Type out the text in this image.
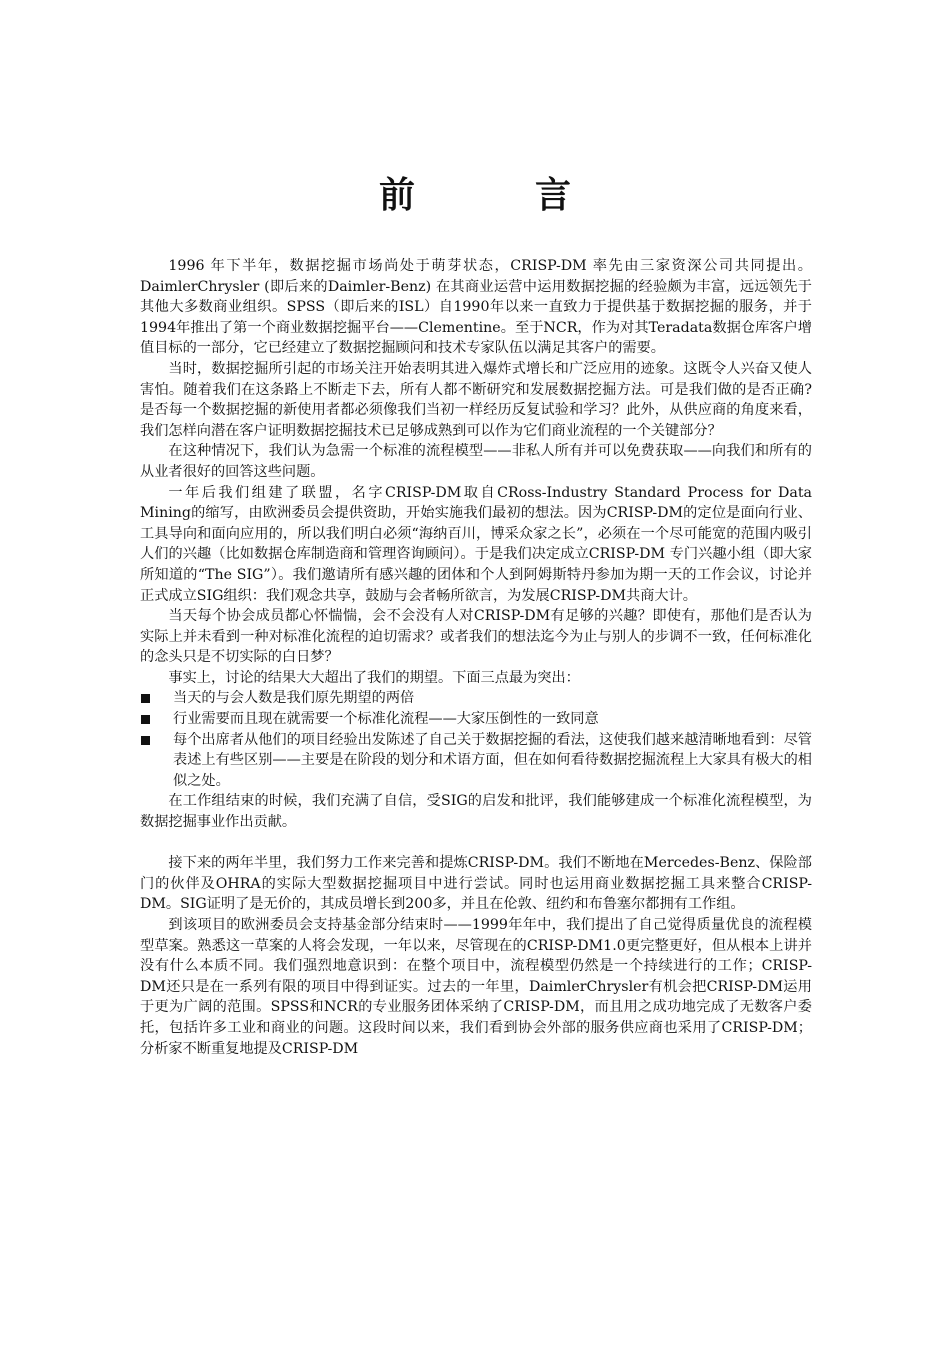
前　言

1996 年下半年，数据挖掘市场尚处于萌芽状态，CRISP-DM 率先由三家资深公司共同提出。DaimlerChrysler (即后来的Daimler-Benz) 在其商业运营中运用数据挖掘的经验颇为丰富，远远领先于其他大多数商业组织。SPSS（即后来的ISL）自1990年以来一直致力于提供基于数据挖掘的服务，并于1994年推出了第一个商业数据挖掘平台——Clementine。至于NCR，作为对其Teradata数据仓库客户增值目标的一部分，它已经建立了数据挖掘顾问和技术专家队伍以满足其客户的需要。

当时，数据挖掘所引起的市场关注开始表明其进入爆炸式增长和广泛应用的迹象。这既令人兴奋又使人害怕。随着我们在这条路上不断走下去，所有人都不断研究和发展数据挖掘方法。可是我们做的是否正确?是否每一个数据挖掘的新使用者都必须像我们当初一样经历反复试验和学习？此外，从供应商的角度来看，我们怎样向潜在客户证明数据挖掘技术已足够成熟到可以作为它们商业流程的一个关键部分？

在这种情况下，我们认为急需一个标准的流程模型——非私人所有并可以免费获取——向我们和所有的从业者很好的回答这些问题。

一年后我们组建了联盟，名字CRISP-DM取自CRoss-Industry Standard Process for Data Mining的缩写，由欧洲委员会提供资助，开始实施我们最初的想法。因为CRISP-DM的定位是面向行业、工具导向和面向应用的，所以我们明白必须“海纳百川，博采众家之长”，必须在一个尽可能宽的范围内吸引人们的兴趣（比如数据仓库制造商和管理咨询顾问）。于是我们决定成立CRISP-DM 专门兴趣小组（即大家所知道的“The SIG”）。我们邀请所有感兴趣的团体和个人到阿姆斯特丹参加为期一天的工作会议，讨论并正式成立SIG组织：我们观念共享，鼓励与会者畅所欲言，为发展CRISP-DM共商大计。

当天每个协会成员都心怀惴惴，会不会没有人对CRISP-DM有足够的兴趣？即使有，那他们是否认为实际上并未看到一种对标准化流程的迫切需求？或者我们的想法迄今为止与别人的步调不一致，任何标准化的念头只是不切实际的白日梦？

事实上，讨论的结果大大超出了我们的期望。下面三点最为突出：

当天的与会人数是我们原先期望的两倍
行业需要而且现在就需要一个标准化流程——大家压倒性的一致同意
每个出席者从他们的项目经验出发陈述了自己关于数据挖掘的看法，这使我们越来越清晰地看到：尽管表述上有些区别——主要是在阶段的划分和术语方面，但在如何看待数据挖掘流程上大家具有极大的相似之处。

在工作组结束的时候，我们充满了自信，受SIG的启发和批评，我们能够建成一个标准化流程模型，为数据挖掘事业作出贡献。

接下来的两年半里，我们努力工作来完善和提炼CRISP-DM。我们不断地在Mercedes-Benz、保险部门的伙伴及OHRA的实际大型数据挖掘项目中进行尝试。同时也运用商业数据挖掘工具来整合CRISP-DM。SIG证明了是无价的，其成员增长到200多，并且在伦敦、纽约和布鲁塞尔都拥有工作组。

到该项目的欧洲委员会支持基金部分结束时——1999年年中，我们提出了自己觉得质量优良的流程模型草案。熟悉这一草案的人将会发现，一年以来，尽管现在的CRISP-DM1.0更完整更好，但从根本上讲并没有什么本质不同。我们强烈地意识到：在整个项目中，流程模型仍然是一个持续进行的工作；CRISP-DM还只是在一系列有限的项目中得到证实。过去的一年里，DaimlerChrysler有机会把CRISP-DM运用于更为广阔的范围。SPSS和NCR的专业服务团体采纳了CRISP-DM，而且用之成功地完成了无数客户委托，包括许多工业和商业的问题。这段时间以来，我们看到协会外部的服务供应商也采用了CRISP-DM；分析家不断重复地提及CRISP-DM
